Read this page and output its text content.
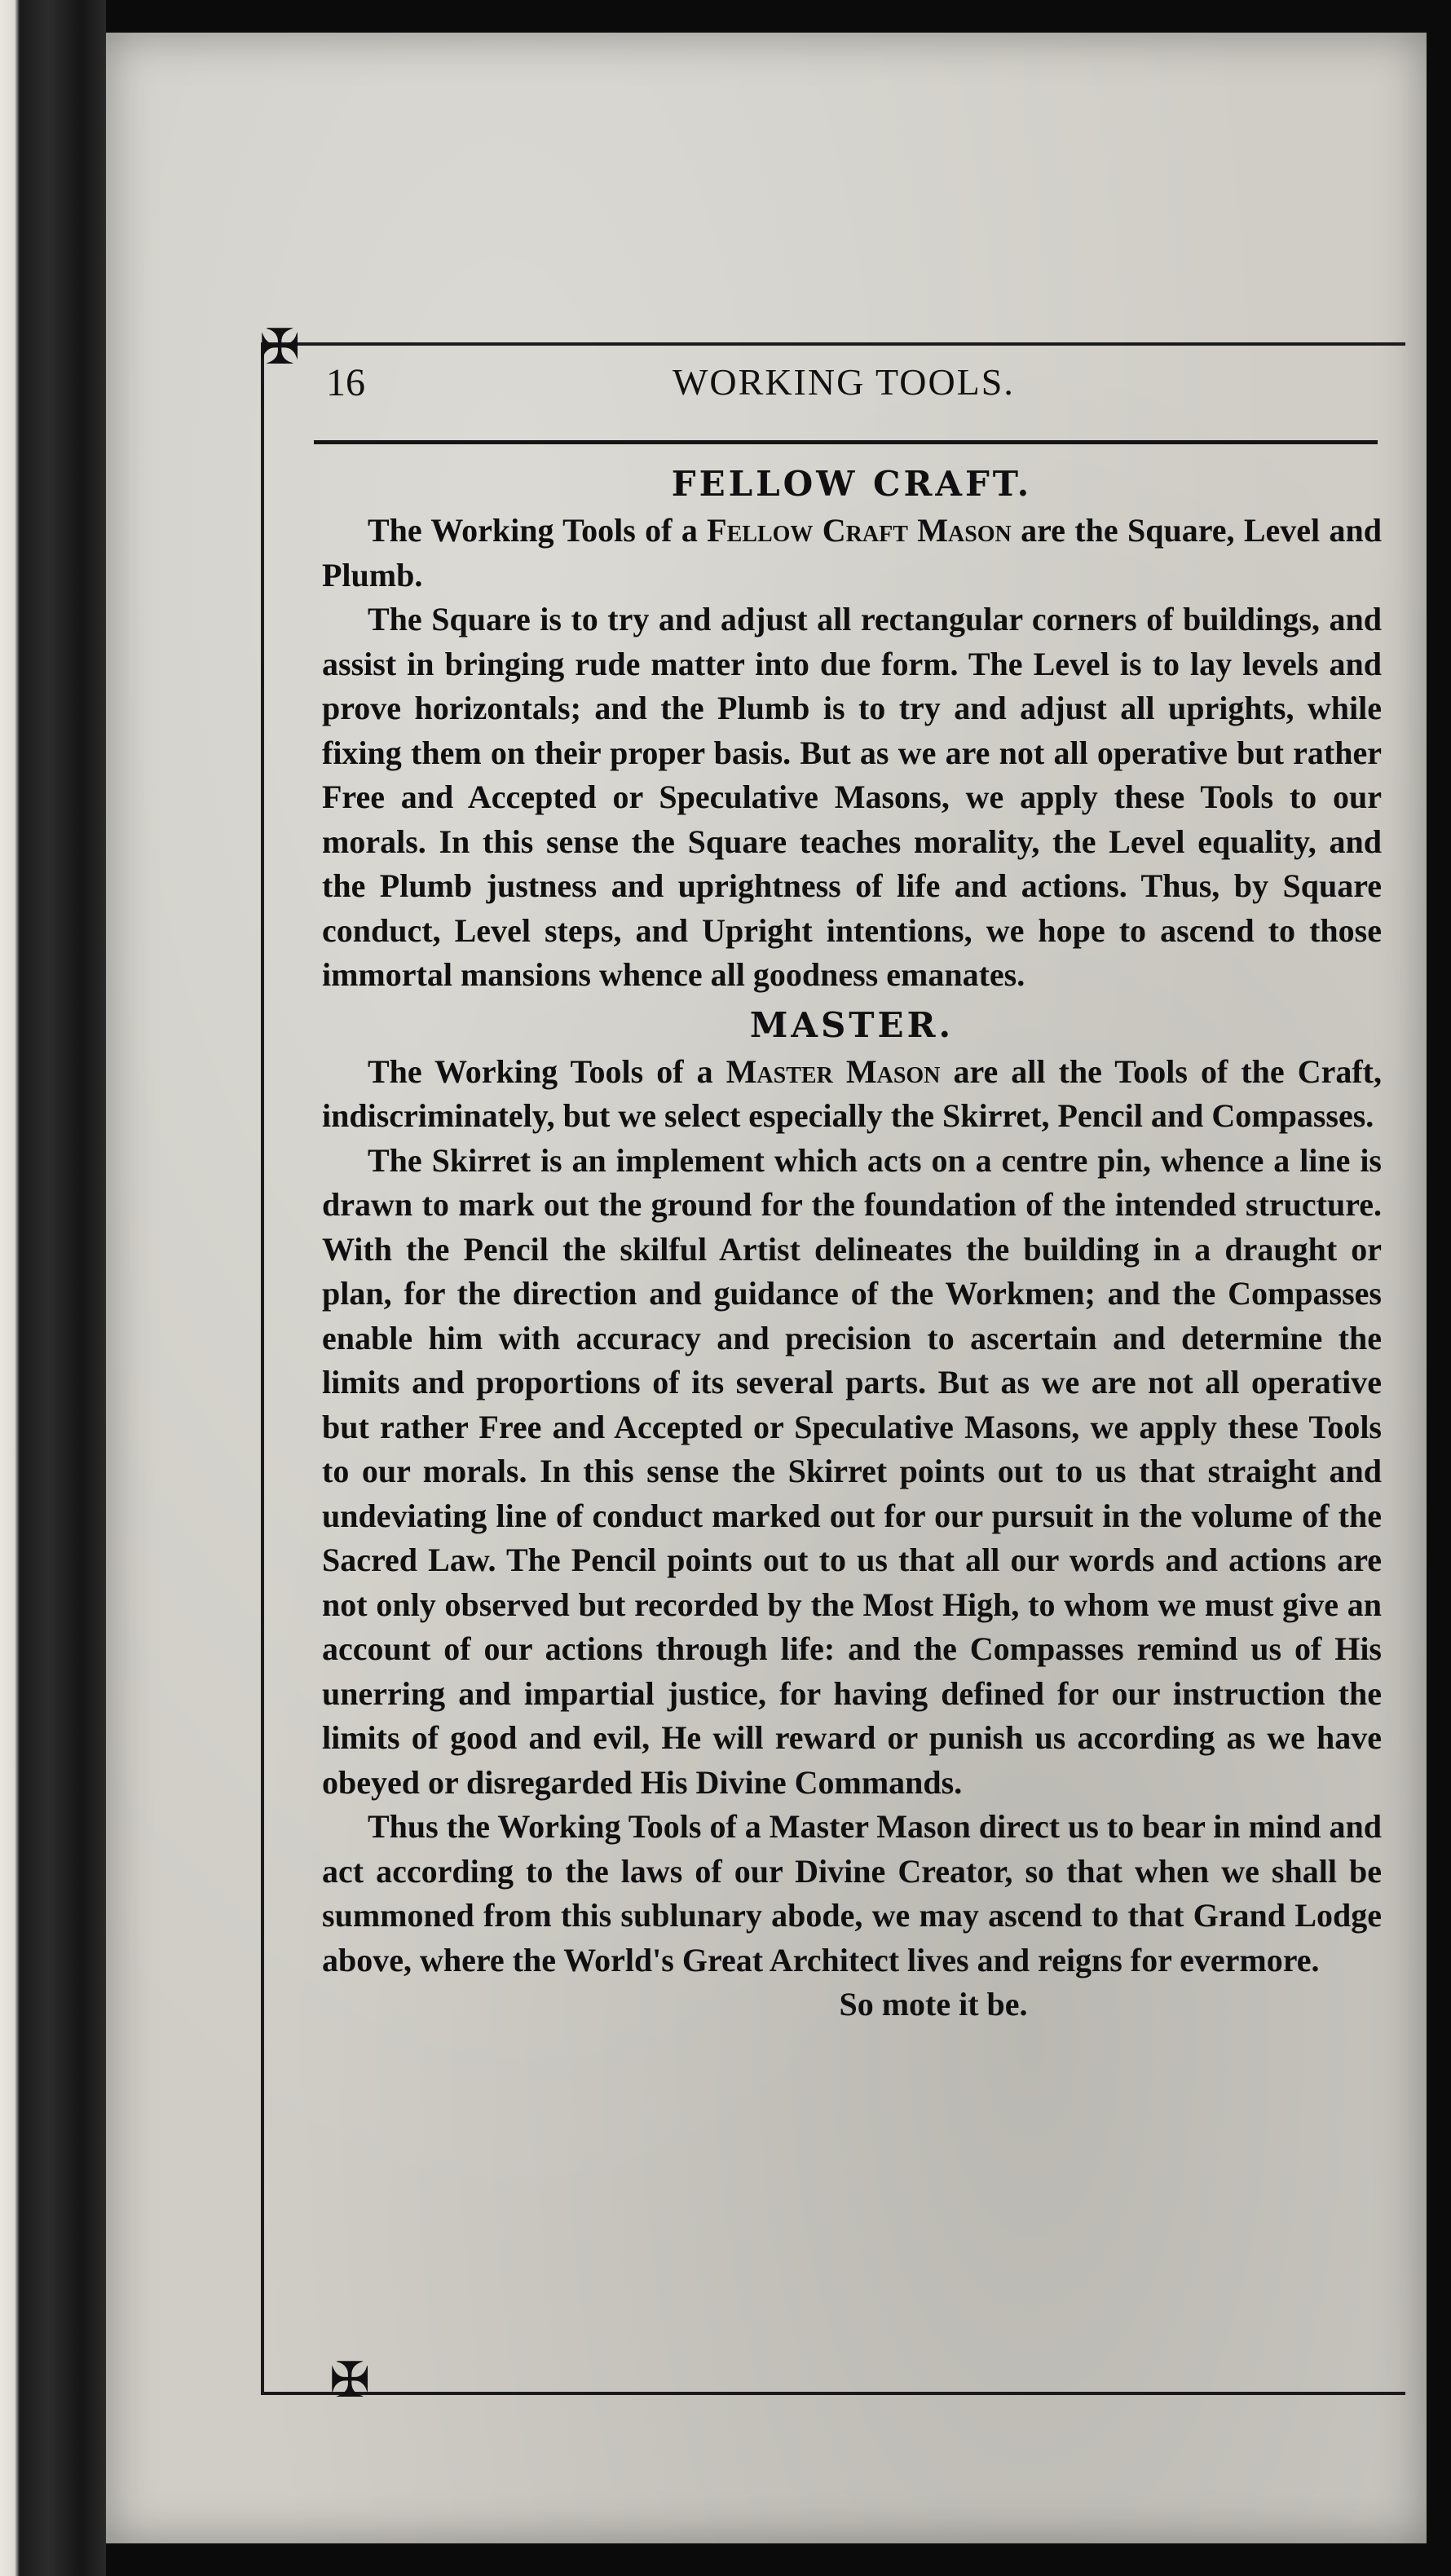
✠
✠
16	WORKING TOOLS.
FELLOW CRAFT.

The Working Tools of a Fellow Craft Mason are the Square, Level and Plumb.

The Square is to try and adjust all rectangular corners of buildings, and assist in bringing rude matter into due form. The Level is to lay levels and prove horizontals; and the Plumb is to try and adjust all uprights, while fixing them on their proper basis. But as we are not all operative but rather Free and Accepted or Speculative Masons, we apply these Tools to our morals. In this sense the Square teaches morality, the Level equality, and the Plumb justness and uprightness of life and actions. Thus, by Square conduct, Level steps, and Upright intentions, we hope to ascend to those immortal mansions whence all goodness emanates.

MASTER.

The Working Tools of a Master Mason are all the Tools of the Craft, indiscriminately, but we select especially the Skirret, Pencil and Compasses.

The Skirret is an implement which acts on a centre pin, whence a line is drawn to mark out the ground for the foundation of the intended structure. With the Pencil the skilful Artist delineates the building in a draught or plan, for the direction and guidance of the Workmen; and the Compasses enable him with accuracy and precision to ascertain and determine the limits and proportions of its several parts. But as we are not all operative but rather Free and Accepted or Speculative Masons, we apply these Tools to our morals. In this sense the Skirret points out to us that straight and undeviating line of conduct marked out for our pursuit in the volume of the Sacred Law. The Pencil points out to us that all our words and actions are not only observed but recorded by the Most High, to whom we must give an account of our actions through life: and the Compasses remind us of His unerring and impartial justice, for having defined for our instruction the limits of good and evil, He will reward or punish us according as we have obeyed or disregarded His Divine Commands.

Thus the Working Tools of a Master Mason direct us to bear in mind and act according to the laws of our Divine Creator, so that when we shall be summoned from this sublunary abode, we may ascend to that Grand Lodge above, where the World's Great Architect lives and reigns for evermore.

So mote it be.
